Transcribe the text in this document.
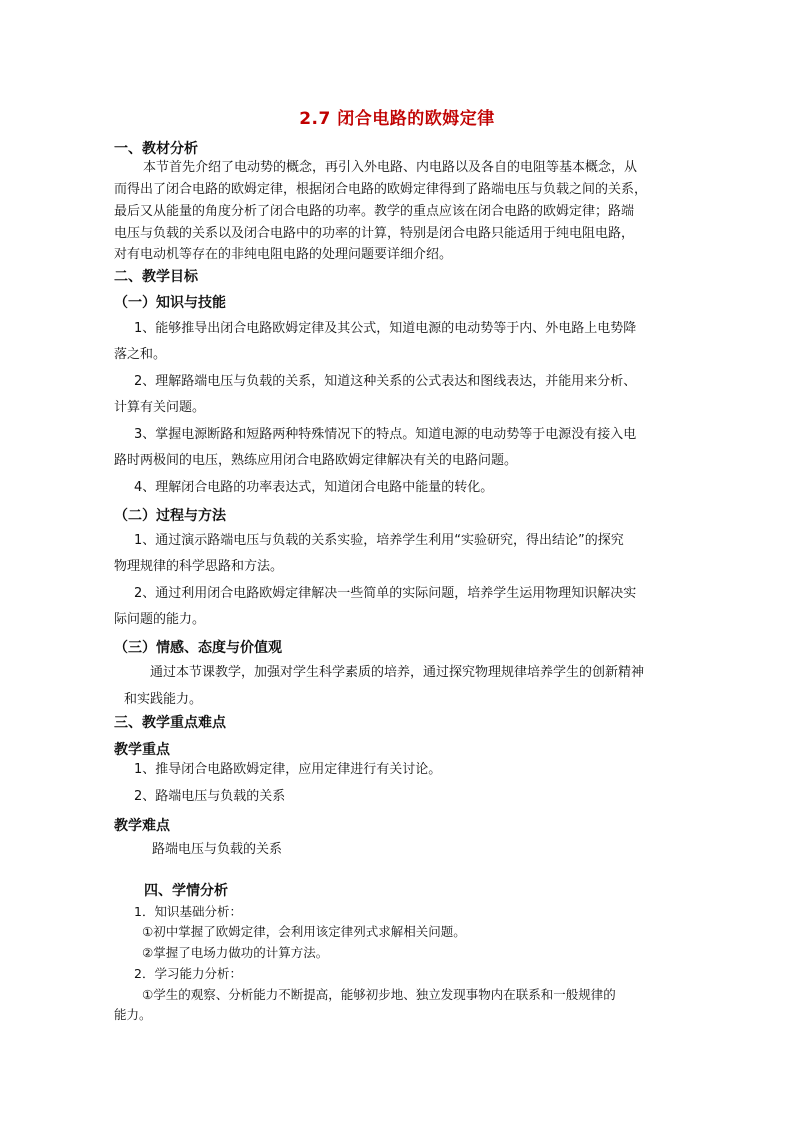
2.7 闭合电路的欧姆定律
一、教材分析
本节首先介绍了电动势的概念，再引入外电路、内电路以及各自的电阻等基本概念，从
而得出了闭合电路的欧姆定律，根据闭合电路的欧姆定律得到了路端电压与负载之间的关系，
最后又从能量的角度分析了闭合电路的功率。教学的重点应该在闭合电路的欧姆定律；路端
电压与负载的关系以及闭合电路中的功率的计算，特别是闭合电路只能适用于纯电阻电路，
对有电动机等存在的非纯电阻电路的处理问题要详细介绍。
二、教学目标
（一）知识与技能
1、能够推导出闭合电路欧姆定律及其公式，知道电源的电动势等于内、外电路上电势降
落之和。
2、理解路端电压与负载的关系，知道这种关系的公式表达和图线表达，并能用来分析、
计算有关问题。
3、掌握电源断路和短路两种特殊情况下的特点。知道电源的电动势等于电源没有接入电
路时两极间的电压，熟练应用闭合电路欧姆定律解决有关的电路问题。
4、理解闭合电路的功率表达式，知道闭合电路中能量的转化。
（二）过程与方法
1、通过演示路端电压与负载的关系实验，培养学生利用“实验研究，得出结论”的探究
物理规律的科学思路和方法。
2、通过利用闭合电路欧姆定律解决一些简单的实际问题，培养学生运用物理知识解决实
际问题的能力。
（三）情感、态度与价值观
通过本节课教学，加强对学生科学素质的培养，通过探究物理规律培养学生的创新精神
和实践能力。
三、教学重点难点
教学重点
1、推导闭合电路欧姆定律，应用定律进行有关讨论。
2、路端电压与负载的关系
教学难点
路端电压与负载的关系
四、学情分析
1．知识基础分析：
①初中掌握了欧姆定律，会利用该定律列式求解相关问题。
②掌握了电场力做功的计算方法。
2．学习能力分析：
①学生的观察、分析能力不断提高，能够初步地、独立发现事物内在联系和一般规律的
能力。
